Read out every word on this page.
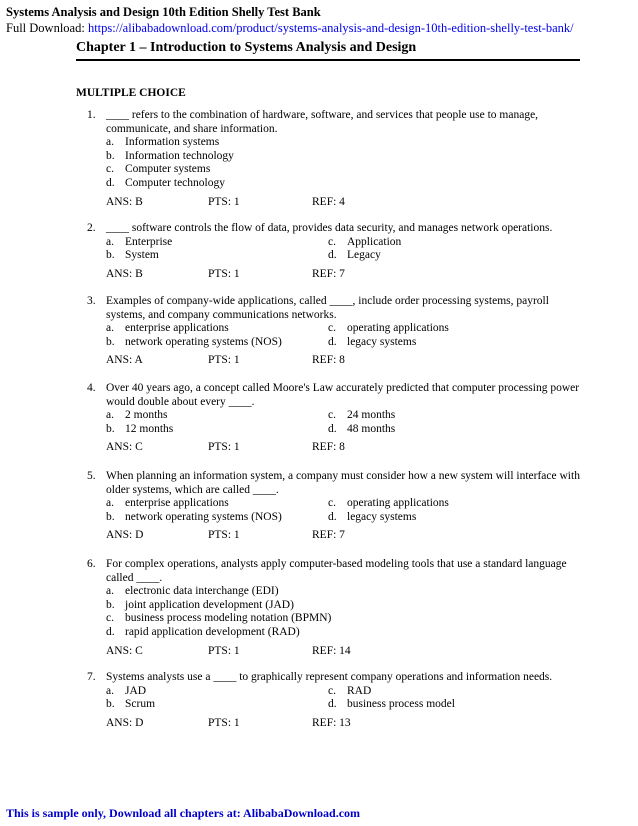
Systems Analysis and Design 10th Edition Shelly Test Bank
Full Download: https://alibabadownload.com/product/systems-analysis-and-design-10th-edition-shelly-test-bank/
Chapter 1 – Introduction to Systems Analysis and Design
MULTIPLE CHOICE
1. ____ refers to the combination of hardware, software, and services that people use to manage, communicate, and share information.
a. Information systems
b. Information technology
c. Computer systems
d. Computer technology
ANS: B	PTS: 1	REF: 4
2. ____ software controls the flow of data, provides data security, and manages network operations.
a. Enterprise	c. Application
b. System	d. Legacy
ANS: B	PTS: 1	REF: 7
3. Examples of company-wide applications, called ____, include order processing systems, payroll systems, and company communications networks.
a. enterprise applications	c. operating applications
b. network operating systems (NOS)	d. legacy systems
ANS: A	PTS: 1	REF: 8
4. Over 40 years ago, a concept called Moore's Law accurately predicted that computer processing power would double about every ____.
a. 2 months	c. 24 months
b. 12 months	d. 48 months
ANS: C	PTS: 1	REF: 8
5. When planning an information system, a company must consider how a new system will interface with older systems, which are called ____.
a. enterprise applications	c. operating applications
b. network operating systems (NOS)	d. legacy systems
ANS: D	PTS: 1	REF: 7
6. For complex operations, analysts apply computer-based modeling tools that use a standard language called ____.
a. electronic data interchange (EDI)
b. joint application development (JAD)
c. business process modeling notation (BPMN)
d. rapid application development (RAD)
ANS: C	PTS: 1	REF: 14
7. Systems analysts use a ____ to graphically represent company operations and information needs.
a. JAD	c. RAD
b. Scrum	d. business process model
ANS: D	PTS: 1	REF: 13
This is sample only, Download all chapters at: AlibabaDownload.com
